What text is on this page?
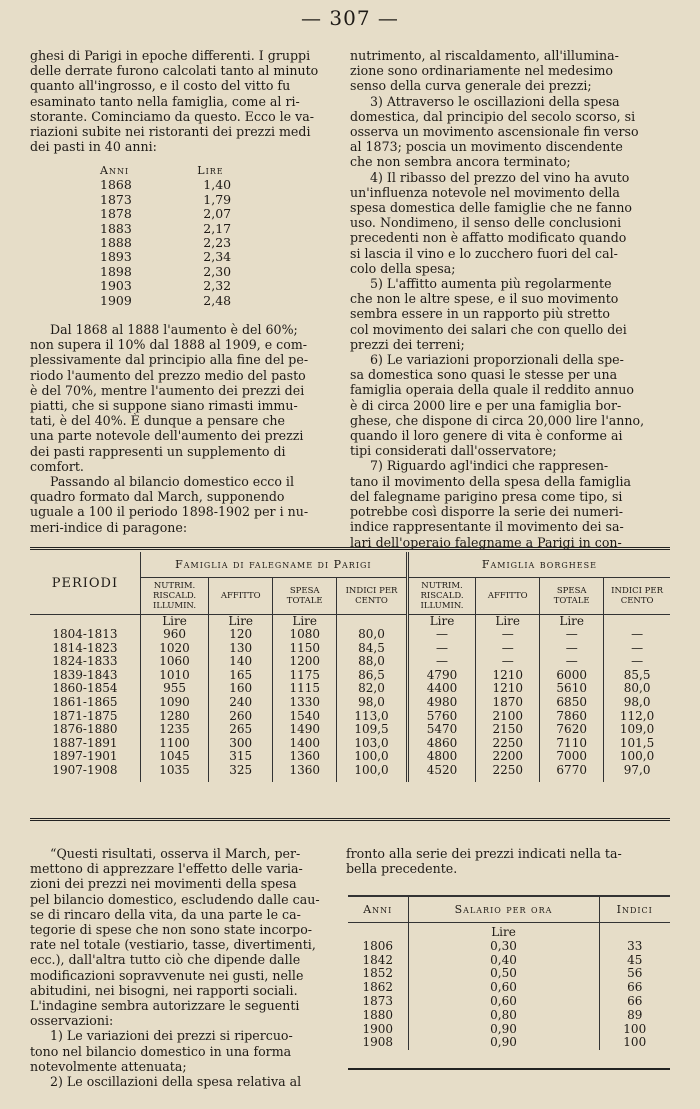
— 307 —
ghesi di Parigi in epoche differenti. I gruppi
delle derrate furono calcolati tanto al minuto
quanto all'ingrosso, e il costo del vitto fu
esaminato tanto nella famiglia, come al ri-
storante. Cominciamo da questo. Ecco le va-
riazioni subite nei ristoranti dei prezzi medi
dei pasti in 40 anni:
Anni	Lire
1868	1,40
1873	1,79
1878	2,07
1883	2,17
1888	2,23
1893	2,34
1898	2,30
1903	2,32
1909	2,48
Dal 1868 al 1888 l'aumento è del 60%;
non supera il 10% dal 1888 al 1909, e com-
plessivamente dal principio alla fine del pe-
riodo l'aumento del prezzo medio del pasto
è del 70%, mentre l'aumento dei prezzi dei
piatti, che si suppone siano rimasti immu-
tati, è del 40%. È dunque a pensare che
una parte notevole dell'aumento dei prezzi
dei pasti rappresenti un supplemento di
comfort.
Passando al bilancio domestico ecco il
quadro formato dal March, supponendo
uguale a 100 il periodo 1898-1902 per i nu-
meri-indice di paragone:
nutrimento, al riscaldamento, all'illumina-
zione sono ordinariamente nel medesimo
senso della curva generale dei prezzi;
3) Attraverso le oscillazioni della spesa
domestica, dal principio del secolo scorso, si
osserva un movimento ascensionale fin verso
al 1873; poscia un movimento discendente
che non sembra ancora terminato;
4) Il ribasso del prezzo del vino ha avuto
un'influenza notevole nel movimento della
spesa domestica delle famiglie che ne fanno
uso. Nondimeno, il senso delle conclusioni
precedenti non è affatto modificato quando
si lascia il vino e lo zucchero fuori del cal-
colo della spesa;
5) L'affitto aumenta più regolarmente
che non le altre spese, e il suo movimento
sembra essere in un rapporto più stretto
col movimento dei salari che con quello dei
prezzi dei terreni;
6) Le variazioni proporzionali della spe-
sa domestica sono quasi le stesse per una
famiglia operaia della quale il reddito annuo
è di circa 2000 lire e per una famiglia bor-
ghese, che dispone di circa 20,000 lire l'anno,
quando il loro genere di vita è conforme ai
tipi considerati dall'osservatore;
7) Riguardo agl'indici che rappresen-
tano il movimento della spesa della famiglia
del falegname parigino presa come tipo, si
potrebbe così disporre la serie dei numeri-
indice rappresentante il movimento dei sa-
lari dell'operaio falegname a Parigi in con-
PERIODI	Famiglia di falegname di Parigi				Famiglia borghese			
	NUTRIM. RISCALD. ILLUMIN.	AFFITTO	SPESA TOTALE	INDICI PER CENTO	NUTRIM. RISCALD. ILLUMIN.	AFFITTO	SPESA TOTALE	INDICI PER CENTO
	Lire	Lire	Lire		Lire	Lire	Lire	
1804-1813	960	120	1080	80,0	—	—	—	—
1814-1823	1020	130	1150	84,5	—	—	—	—
1824-1833	1060	140	1200	88,0	—	—	—	—
1839-1843	1010	165	1175	86,5	4790	1210	6000	85,5
1860-1854	955	160	1115	82,0	4400	1210	5610	80,0
1861-1865	1090	240	1330	98,0	4980	1870	6850	98,0
1871-1875	1280	260	1540	113,0	5760	2100	7860	112,0
1876-1880	1235	265	1490	109,5	5470	2150	7620	109,0
1887-1891	1100	300	1400	103,0	4860	2250	7110	101,5
1897-1901	1045	315	1360	100,0	4800	2200	7000	100,0
1907-1908	1035	325	1360	100,0	4520	2250	6770	97,0
“Questi risultati, osserva il March, per-
mettono di apprezzare l'effetto delle varia-
zioni dei prezzi nei movimenti della spesa
pel bilancio domestico, escludendo dalle cau-
se di rincaro della vita, da una parte le ca-
tegorie di spese che non sono state incorpo-
rate nel totale (vestiario, tasse, divertimenti,
ecc.), dall'altra tutto ciò che dipende dalle
modificazioni sopravvenute nei gusti, nelle
abitudini, nei bisogni, nei rapporti sociali.
L'indagine sembra autorizzare le seguenti
osservazioni:
1) Le variazioni dei prezzi si ripercuo-
tono nel bilancio domestico in una forma
notevolmente attenuata;
2) Le oscillazioni della spesa relativa al
fronto alla serie dei prezzi indicati nella ta-
bella precedente.
Anni	Salario per ora	Indici
	Lire	
1806	0,30	33
1842	0,40	45
1852	0,50	56
1862	0,60	66
1873	0,60	66
1880	0,80	89
1900	0,90	100
1908	0,90	100
